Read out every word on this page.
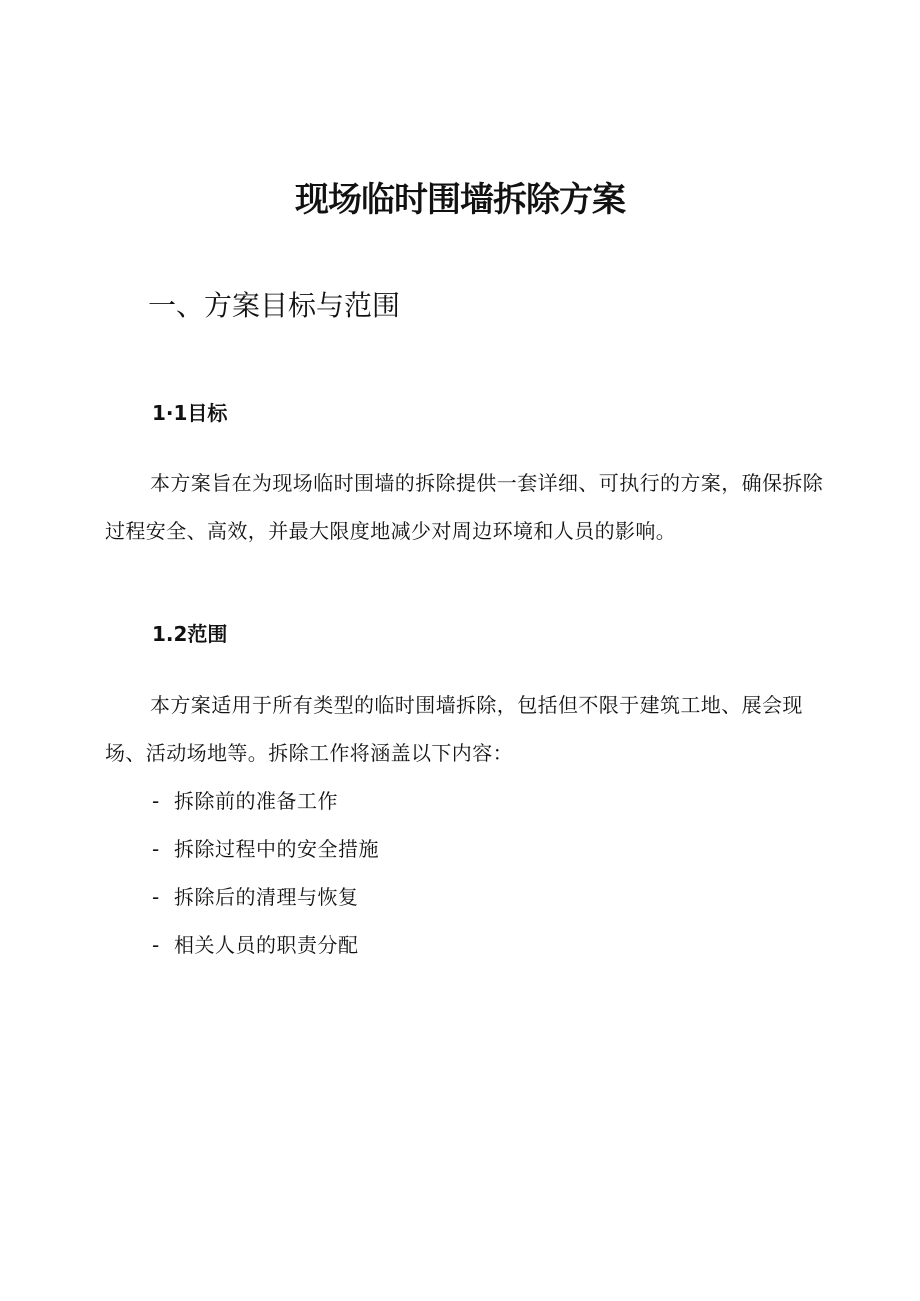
现场临时围墙拆除方案
一、方案目标与范围
1·1目标

本方案旨在为现场临时围墙的拆除提供一套详细、可执行的方案，确保拆除过程安全、高效，并最大限度地减少对周边环境和人员的影响。

1.2范围

本方案适用于所有类型的临时围墙拆除，包括但不限于建筑工地、展会现场、活动场地等。拆除工作将涵盖以下内容：

- 拆除前的准备工作
- 拆除过程中的安全措施
- 拆除后的清理与恢复
- 相关人员的职责分配
